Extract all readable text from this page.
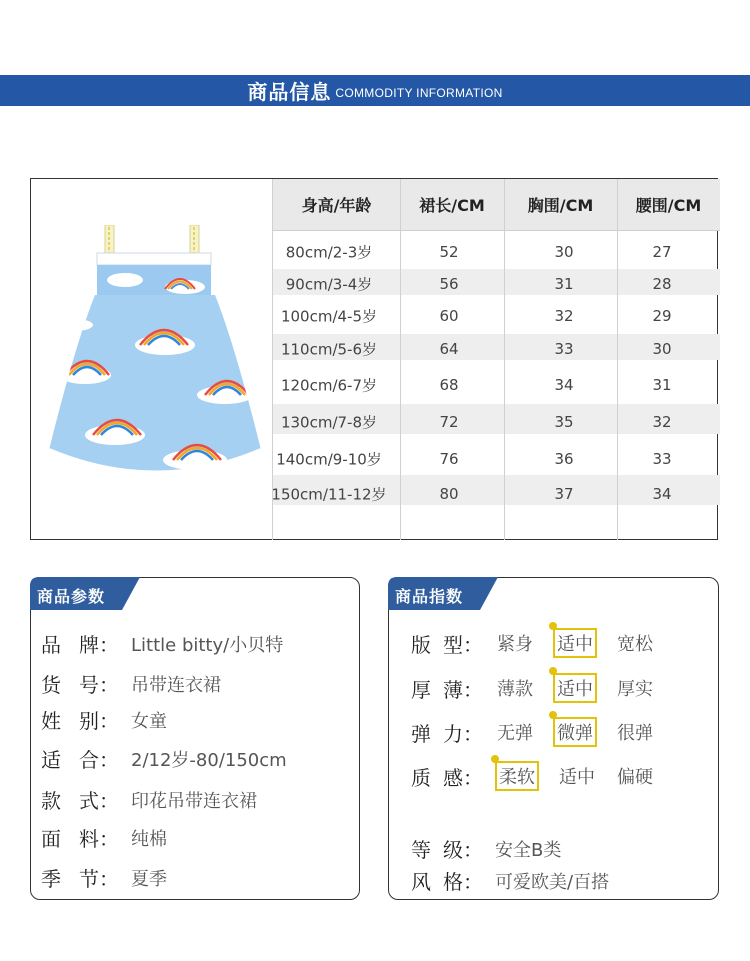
商品信息 COMMODITY INFORMATION
身高/年龄	裙长/CM	胸围/CM	腰围/CM
80cm/2-3岁	52	30	27
90cm/3-4岁	56	31	28
100cm/4-5岁	60	32	29
110cm/5-6岁	64	33	30
120cm/6-7岁	68	34	31
130cm/7-8岁	72	35	32
140cm/9-10岁	76	36	33
150cm/11-12岁	80	37	34
商品参数
品 牌： Little bitty/小贝特
货 号： 吊带连衣裙
姓 别： 女童
适 合： 2/12岁-80/150cm
款 式： 印花吊带连衣裙
面 料： 纯棉
季 节： 夏季
商品指数
版 型： 紧身 适中 宽松
厚 薄： 薄款 适中 厚实
弹 力： 无弹 微弹 很弹
质 感： 柔软 适中 偏硬
等 级： 安全B类
风 格： 可爱欧美/百搭
